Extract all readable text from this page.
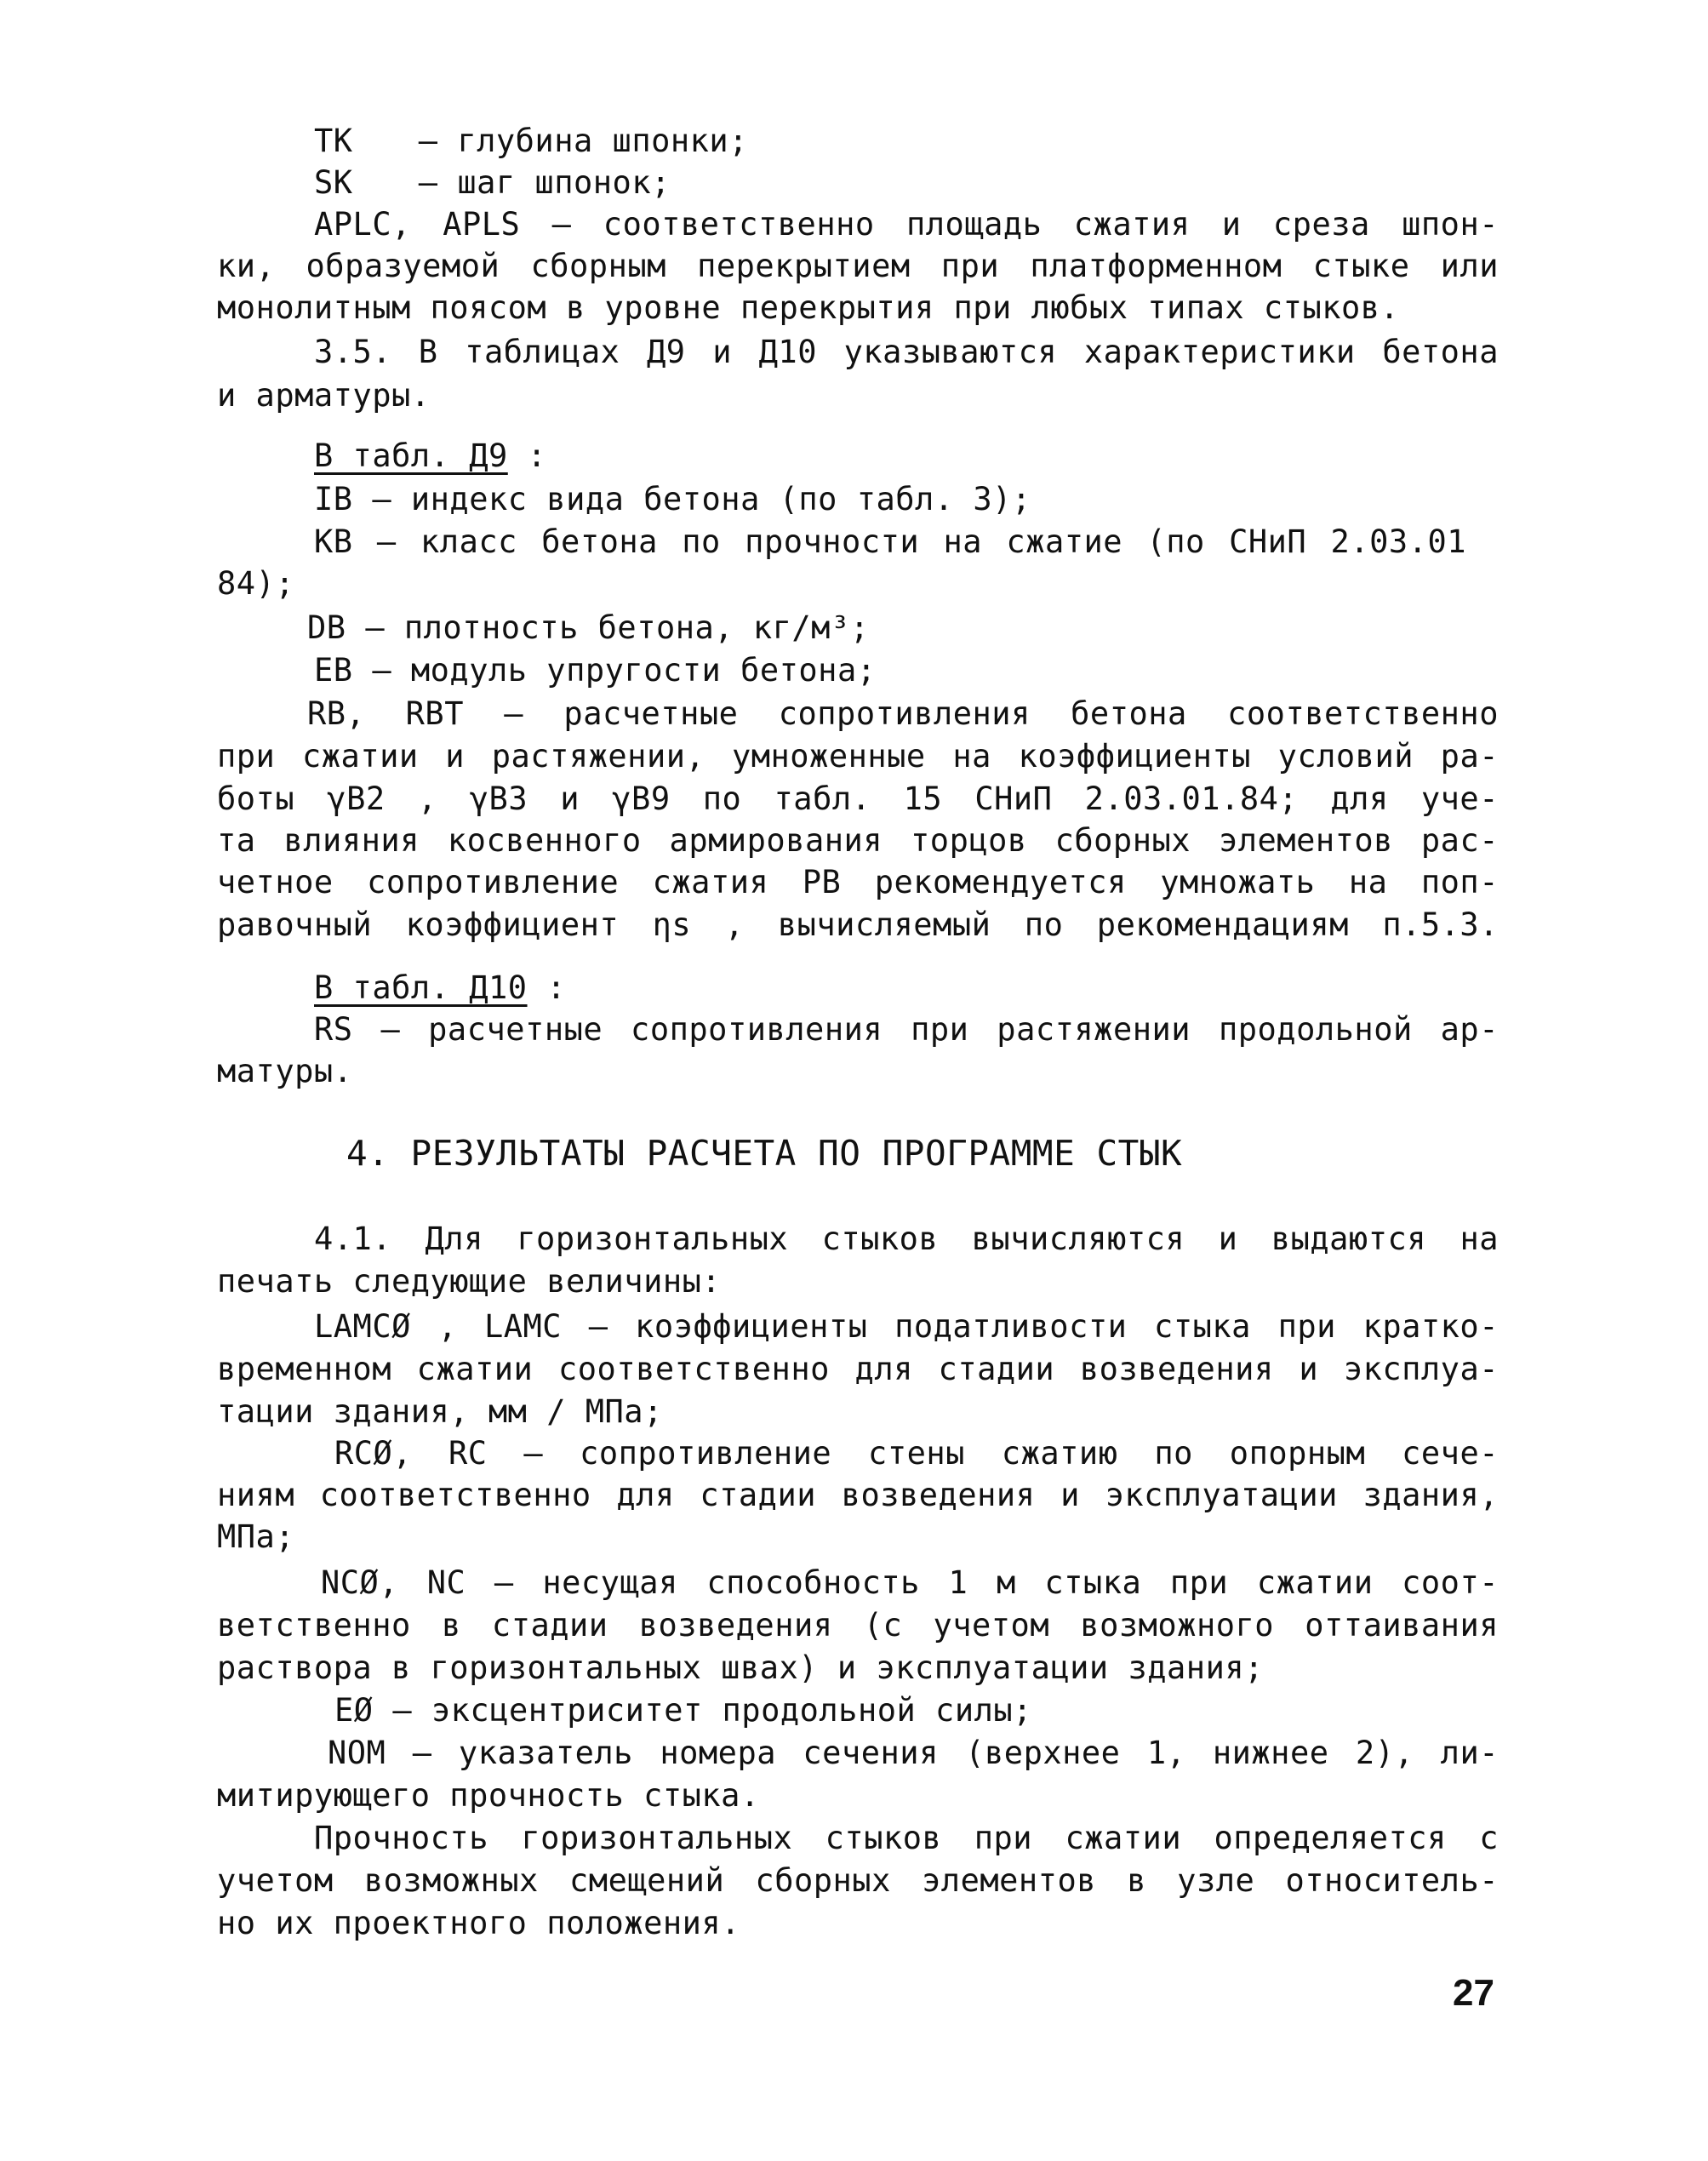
ТК – глубина шпонки;
SK – шаг шпонок;
APLC, APLS – соответственно площадь сжатия и среза шпон-
ки, образуемой сборным перекрытием при платформенном стыке или
монолитным поясом в уровне перекрытия при любых типах стыков.
3.5. В таблицах Д9 и Д10 указываются характеристики бетона
и арматуры.
В табл. Д9 :
IB – индекс вида бетона (по табл. 3);
KB – класс бетона по прочности на сжатие (по СНиП 2.03.01
84);
DB – плотность бетона, кг/м³;
EB – модуль упругости бетона;
RB, RBT – расчетные сопротивления бетона соответственно
при сжатии и растяжении, умноженные на коэффициенты условий ра-
боты γB2 , γB3 и γB9 по табл. 15 СНиП 2.03.01.84; для уче-
та влияния косвенного армирования торцов сборных элементов рас-
четное сопротивление сжатия PB рекомендуется умножать на поп-
равочный коэффициент ηs , вычисляемый по рекомендациям п.5.3.
В табл. Д10 :
RS – расчетные сопротивления при растяжении продольной ар-
матуры.
4. РЕЗУЛЬТАТЫ РАСЧЕТА ПО ПРОГРАММЕ СТЫК
4.1. Для горизонтальных стыков вычисляются и выдаются на
печать следующие величины:
LAMCØ , LAMC – коэффициенты податливости стыка при кратко-
временном сжатии соответственно для стадии возведения и эксплуа-
тации здания, мм / МПа;
RCØ, RC – сопротивление стены сжатию по опорным сече-
ниям соответственно для стадии возведения и эксплуатации здания,
МПа;
NCØ, NC – несущая способность 1 м стыка при сжатии соот-
ветственно в стадии возведения (с учетом возможного оттаивания
раствора в горизонтальных швах) и эксплуатации здания;
EØ – эксцентриситет продольной силы;
NOM – указатель номера сечения (верхнее 1, нижнее 2), ли-
митирующего прочность стыка.
Прочность горизонтальных стыков при сжатии определяется с
учетом возможных смещений сборных элементов в узле относитель-
но их проектного положения.
27
